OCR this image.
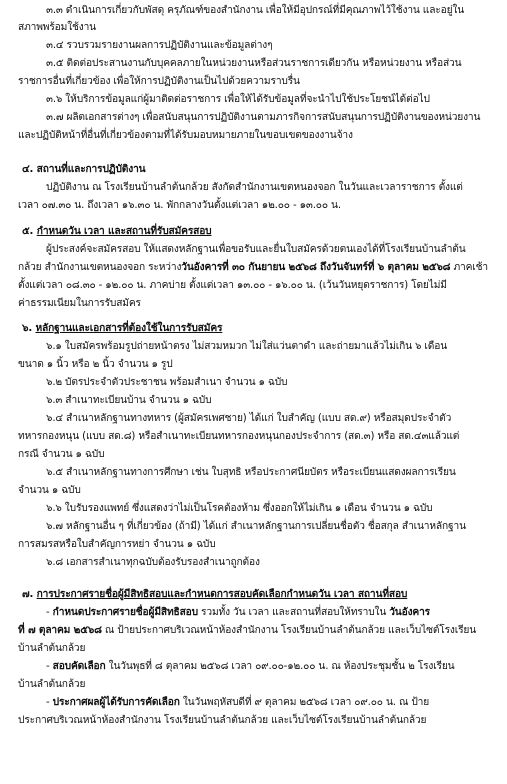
๓.๓ ดำเนินการเกี่ยวกับพัสดุ ครุภัณฑ์ของสำนักงาน เพื่อให้มีอุปกรณ์ที่มีคุณภาพไว้ใช้งาน และอยู่ใน
สภาพพร้อมใช้งาน
๓.๔ รวบรวมรายงานผลการปฏิบัติงานและข้อมูลต่างๆ
๓.๕ ติดต่อประสานงานกับบุคคลภายในหน่วยงานหรือส่วนราชการเดียวกัน หรือหน่วยงาน หรือส่วน
ราชการอื่นที่เกี่ยวข้อง เพื่อให้การปฏิบัติงานเป็นไปด้วยความราบรื่น
๓.๖ ให้บริการข้อมูลแก่ผู้มาติดต่อราชการ เพื่อให้ได้รับข้อมูลที่จะนำไปใช้ประโยชน์ได้ต่อไป
๓.๗ ผลิตเอกสารต่างๆ เพื่อสนับสนุนการปฏิบัติงานตามภารกิจการสนับสนุนการปฏิบัติงานของหน่วยงาน
และปฏิบัติหน้าที่อื่นที่เกี่ยวข้องตามที่ได้รับมอบหมายภายในขอบเขตของงานจ้าง
๔. สถานที่และการปฏิบัติงาน
ปฏิบัติงาน ณ โรงเรียนบ้านลำต้นกล้วย สังกัดสำนักงานเขตหนองจอก ในวันและเวลาราชการ ตั้งแต่
เวลา ๐๗.๓๐ น. ถึงเวลา ๑๖.๓๐ น. พักกลางวันตั้งแต่เวลา ๑๒.๐๐ - ๑๓.๐๐ น.
๕. กำหนดวัน เวลา และสถานที่รับสมัครสอบ
ผู้ประสงค์จะสมัครสอบ ให้แสดงหลักฐานเพื่อขอรับและยื่นใบสมัครด้วยตนเองได้ที่โรงเรียนบ้านลำต้น
กล้วย สำนักงานเขตหนองจอก ระหว่างวันอังคารที่ ๓๐ กันยายน ๒๕๖๘ ถึงวันจันทร์ที่ ๖ ตุลาคม ๒๕๖๘ ภาคเช้า
ตั้งแต่เวลา ๐๘.๓๐ - ๑๒.๐๐ น. ภาคบ่าย ตั้งแต่เวลา ๑๓.๐๐ - ๑๖.๐๐ น. (เว้นวันหยุดราชการ) โดยไม่มี
ค่าธรรมเนียมในการรับสมัคร
๖. หลักฐานและเอกสารที่ต้องใช้ในการรับสมัคร
๖.๑ ใบสมัครพร้อมรูปถ่ายหน้าตรง ไม่สวมหมวก ไม่ใส่แว่นตาดำ และถ่ายมาแล้วไม่เกิน ๖ เดือน
ขนาด ๑ นิ้ว หรือ ๒ นิ้ว จำนวน ๑ รูป
๖.๒ บัตรประจำตัวประชาชน พร้อมสำเนา จำนวน ๑ ฉบับ
๖.๓ สำเนาทะเบียนบ้าน จำนวน ๑ ฉบับ
๖.๔ สำเนาหลักฐานทางทหาร (ผู้สมัครเพศชาย) ได้แก่ ใบสำคัญ (แบบ สด.๙) หรือสมุดประจำตัว
ทหารกองหนุน (แบบ สด.๘) หรือสำเนาทะเบียนทหารกองหนุนกองประจำการ (สด.๓) หรือ สด.๔๓แล้วแต่
กรณี จำนวน ๑ ฉบับ
๖.๕ สำเนาหลักฐานทางการศึกษา เช่น ใบสุทธิ หรือประกาศนียบัตร หรือระเบียนแสดงผลการเรียน
จำนวน ๑ ฉบับ
๖.๖ ใบรับรองแพทย์ ซึ่งแสดงว่าไม่เป็นโรคต้องห้าม ซึ่งออกให้ไม่เกิน ๑ เดือน จำนวน ๑ ฉบับ
๖.๗ หลักฐานอื่น ๆ ที่เกี่ยวข้อง (ถ้ามี) ได้แก่ สำเนาหลักฐานการเปลี่ยนชื่อตัว ชื่อสกุล สำเนาหลักฐาน
การสมรสหรือใบสำคัญการหย่า จำนวน ๑ ฉบับ
๖.๘ เอกสารสำเนาทุกฉบับต้องรับรองสำเนาถูกต้อง
๗. การประกาศรายชื่อผู้มีสิทธิสอบและกำหนดการสอบคัดเลือกกำหนดวัน เวลา สถานที่สอบ
- กำหนดประกาศรายชื่อผู้มีสิทธิสอบ รวมทั้ง วัน เวลา และสถานที่สอบให้ทราบใน วันอังคาร
ที่ ๗ ตุลาคม ๒๕๖๘ ณ ป้ายประกาศบริเวณหน้าห้องสำนักงาน โรงเรียนบ้านลำต้นกล้วย และเว็บไซต์โรงเรียน
บ้านลำต้นกล้วย
- สอบคัดเลือก ในวันพุธที่ ๘ ตุลาคม ๒๕๖๘ เวลา ๐๙.๐๐-๑๒.๐๐ น. ณ ห้องประชุมชั้น ๒ โรงเรียน
บ้านลำต้นกล้วย
- ประกาศผลผู้ได้รับการคัดเลือก ในวันพฤหัสบดีที่ ๙ ตุลาคม ๒๕๖๘ เวลา ๐๙.๐๐ น. ณ ป้าย
ประกาศบริเวณหน้าห้องสำนักงาน โรงเรียนบ้านลำต้นกล้วย และเว็บไซต์โรงเรียนบ้านลำต้นกล้วย
